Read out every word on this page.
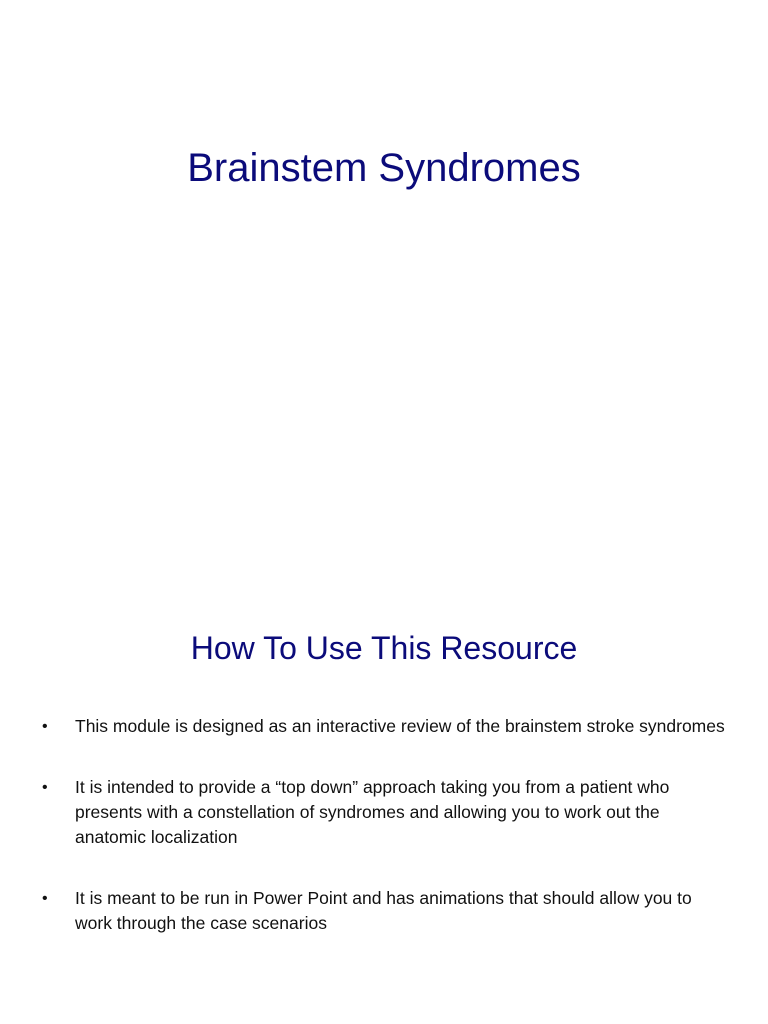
Brainstem Syndromes
How To Use This Resource
• This module is designed as an interactive review of the brainstem stroke syndromes
• It is intended to provide a “top down” approach taking you from a patient who presents with a constellation of syndromes and allowing you to work out the anatomic localization
• It is meant to be run in Power Point and has animations that should allow you to work through the case scenarios
